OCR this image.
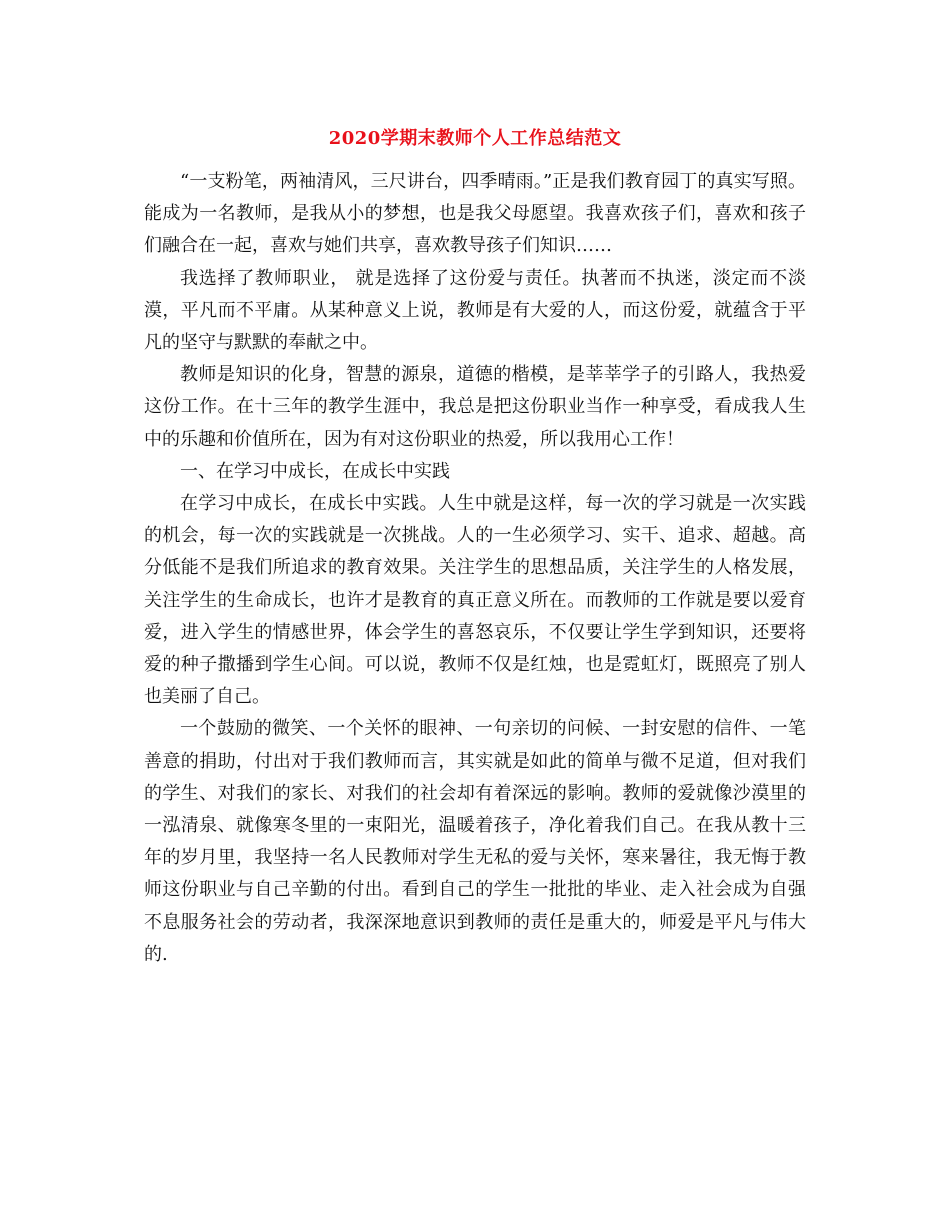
2020学期末教师个人工作总结范文

“一支粉笔，两袖清风，三尺讲台，四季晴雨。”正是我们教育园丁的真实写照。能成为一名教师，是我从小的梦想，也是我父母愿望。我喜欢孩子们，喜欢和孩子们融合在一起，喜欢与她们共享，喜欢教导孩子们知识……

我选择了教师职业， 就是选择了这份爱与责任。执著而不执迷，淡定而不淡漠，平凡而不平庸。从某种意义上说，教师是有大爱的人，而这份爱，就蕴含于平凡的坚守与默默的奉献之中。

教师是知识的化身，智慧的源泉，道德的楷模，是莘莘学子的引路人，我热爱这份工作。在十三年的教学生涯中，我总是把这份职业当作一种享受，看成我人生中的乐趣和价值所在，因为有对这份职业的热爱，所以我用心工作！

一、在学习中成长，在成长中实践

在学习中成长，在成长中实践。人生中就是这样，每一次的学习就是一次实践的机会，每一次的实践就是一次挑战。人的一生必须学习、实干、追求、超越。高分低能不是我们所追求的教育效果。关注学生的思想品质，关注学生的人格发展，关注学生的生命成长，也许才是教育的真正意义所在。而教师的工作就是要以爱育爱，进入学生的情感世界，体会学生的喜怒哀乐，不仅要让学生学到知识，还要将爱的种子撒播到学生心间。可以说，教师不仅是红烛，也是霓虹灯，既照亮了别人也美丽了自己。

一个鼓励的微笑、一个关怀的眼神、一句亲切的问候、一封安慰的信件、一笔善意的捐助，付出对于我们教师而言，其实就是如此的简单与微不足道，但对我们的学生、对我们的家长、对我们的社会却有着深远的影响。教师的爱就像沙漠里的一泓清泉、就像寒冬里的一束阳光，温暖着孩子，净化着我们自己。在我从教十三年的岁月里，我坚持一名人民教师对学生无私的爱与关怀，寒来暑往，我无悔于教师这份职业与自己辛勤的付出。看到自己的学生一批批的毕业、走入社会成为自强不息服务社会的劳动者，我深深地意识到教师的责任是重大的，师爱是平凡与伟大的.
